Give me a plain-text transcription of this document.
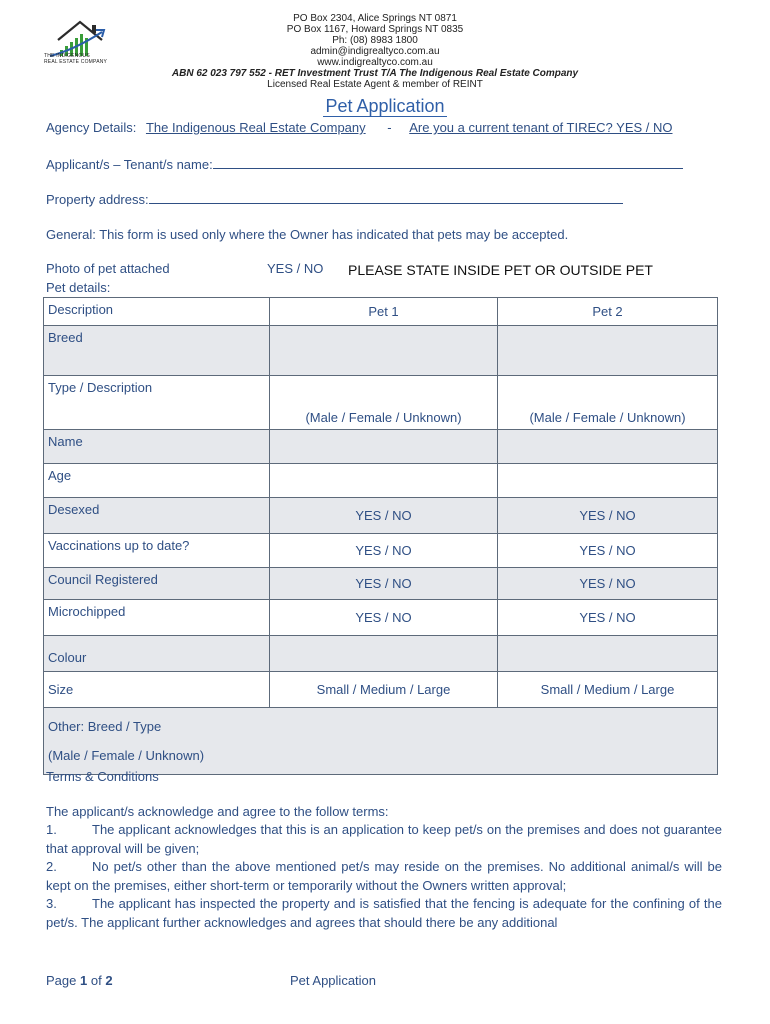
THE INDIGENOUS
REAL ESTATE COMPANY
PO Box 2304, Alice Springs NT 0871
PO Box 1167, Howard Springs NT 0835
Ph: (08) 8983 1800
admin@indigrealtyco.com.au
www.indigrealtyco.com.au
ABN 62 023 797 552 - RET Investment Trust T/A The Indigenous Real Estate Company
Licensed Real Estate Agent & member of REINT
Pet Application
Agency Details: The Indigenous Real Estate Company - Are you a current tenant of TIREC? YES / NO
Applicant/s – Tenant/s name:
Property address:
General: This form is used only where the Owner has indicated that pets may be accepted.
Photo of pet attached	YES / NO PLEASE STATE INSIDE PET OR OUTSIDE PET
Pet details:
Description	Pet 1	Pet 2
Breed		
Type / Description	(Male / Female / Unknown)	(Male / Female / Unknown)
Name		
Age		
Desexed	YES / NO	YES / NO
Vaccinations up to date?	YES / NO	YES / NO
Council Registered	YES / NO	YES / NO
Microchipped	YES / NO	YES / NO
Colour		
Size	Small / Medium / Large	Small / Medium / Large

Other: Breed / Type
(Male / Female / Unknown)		
Terms & Conditions
The applicant/s acknowledge and agree to the follow terms:
1.	The applicant acknowledges that this is an application to keep pet/s on the premises and does not guarantee that approval will be given;
2.	No pet/s other than the above mentioned pet/s may reside on the premises. No additional animal/s will be kept on the premises, either short-term or temporarily without the Owners written approval;
3.	The applicant has inspected the property and is satisfied that the fencing is adequate for the confining of the pet/s. The applicant further acknowledges and agrees that should there be any additional
Page 1 of 2	Pet Application
